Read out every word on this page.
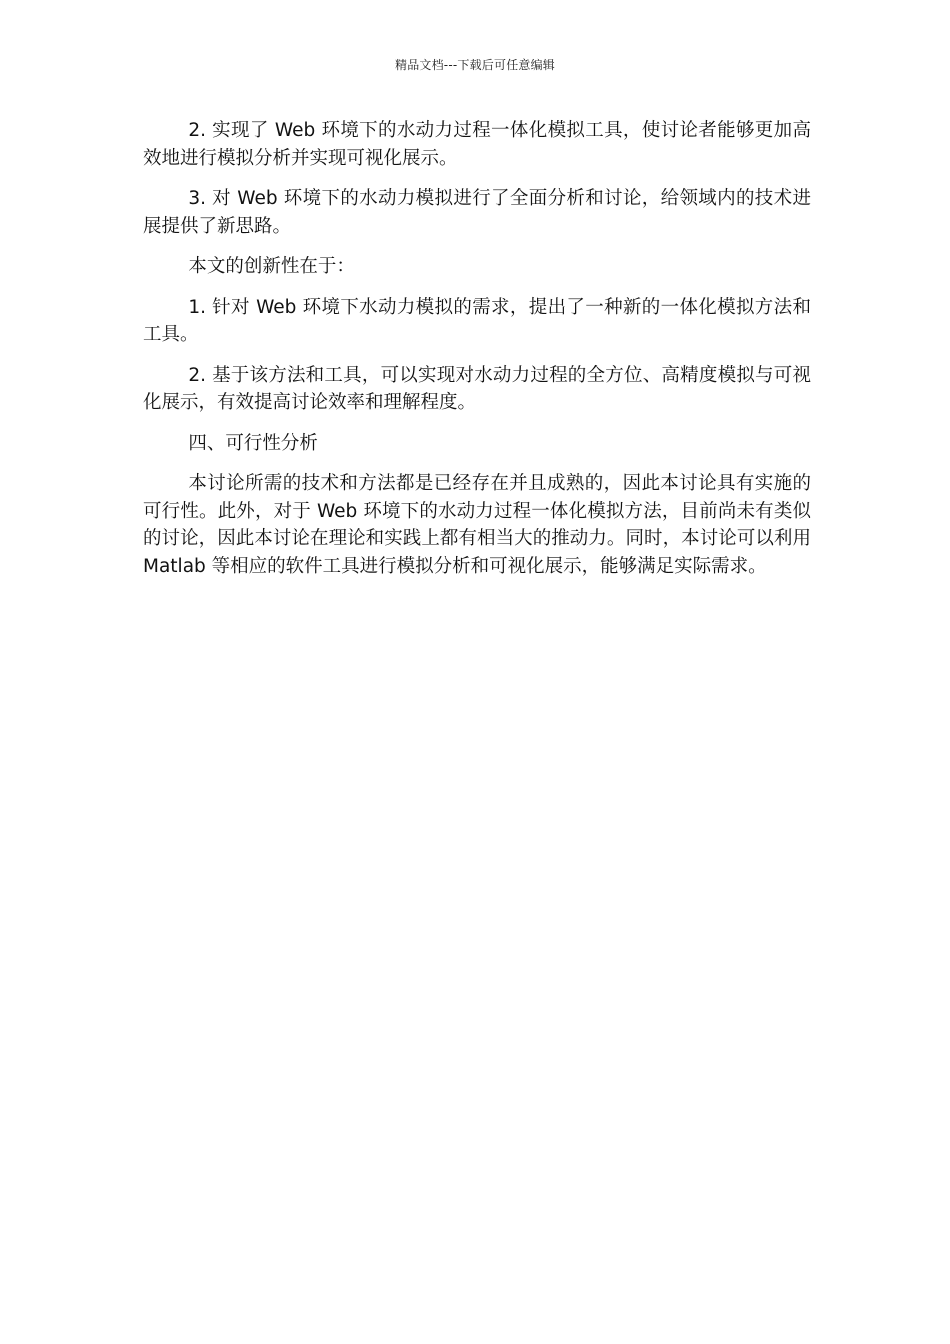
精品文档---下载后可任意编辑

2. 实现了 Web 环境下的水动力过程一体化模拟工具，使讨论者能够更加高效地进行模拟分析并实现可视化展示。

3. 对 Web 环境下的水动力模拟进行了全面分析和讨论，给领域内的技术进展提供了新思路。

本文的创新性在于：

1. 针对 Web 环境下水动力模拟的需求，提出了一种新的一体化模拟方法和工具。

2. 基于该方法和工具，可以实现对水动力过程的全方位、高精度模拟与可视化展示，有效提高讨论效率和理解程度。

四、可行性分析

本讨论所需的技术和方法都是已经存在并且成熟的，因此本讨论具有实施的可行性。此外，对于 Web 环境下的水动力过程一体化模拟方法，目前尚未有类似的讨论，因此本讨论在理论和实践上都有相当大的推动力。同时，本讨论可以利用 Matlab 等相应的软件工具进行模拟分析和可视化展示，能够满足实际需求。
